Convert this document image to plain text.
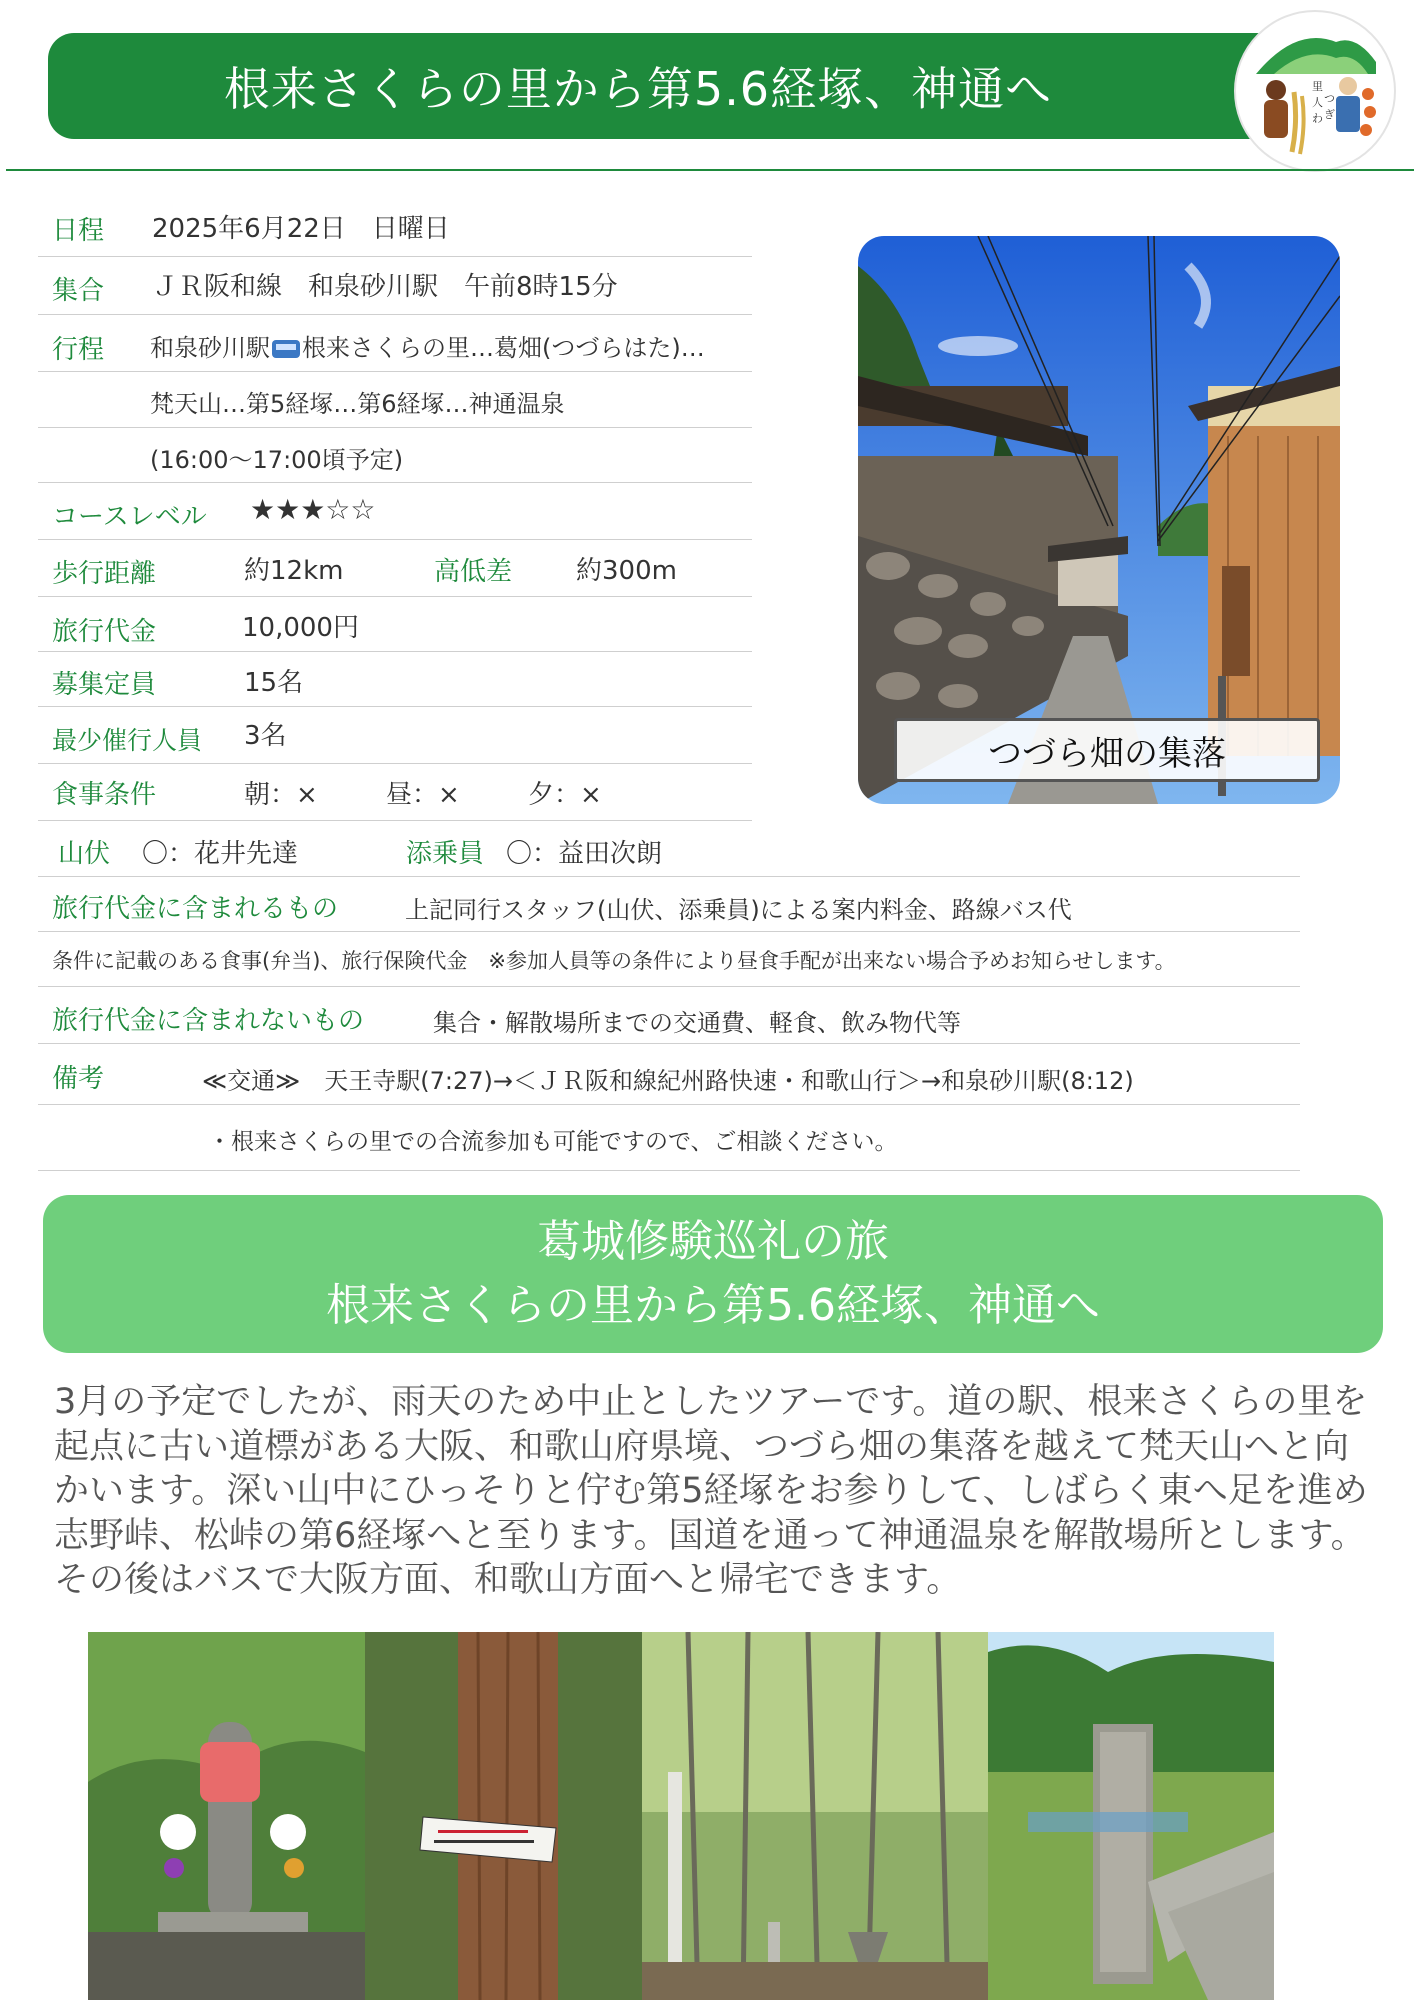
根来さくらの里から第5.6経塚、神通へ	里
人
わ
つ
ぎ
日程 2025年6月22日　日曜日
集合 ＪＲ阪和線　和泉砂川駅　午前8時15分
行程 和泉砂川駅 根来さくらの里…葛畑(つづらはた)…
梵天山…第5経塚…第6経塚…神通温泉
(16:00〜17:00頃予定)
コースレベル ★★★☆☆
歩行距離	約12km	高低差 約300m
旅行代金	10,000円
募集定員	15名
最少催行人員 3名
食事条件	朝：×	昼：×	夕：×
山伏 〇：花井先達	添乗員 〇：益田次朗
旅行代金に含まれるもの	上記同行スタッフ(山伏、添乗員)による案内料金、路線バス代
条件に記載のある食事(弁当)、旅行保険代金　※参加人員等の条件により昼食手配が出来ない場合予めお知らせします。
旅行代金に含まれないもの	集合・解散場所までの交通費、軽食、飲み物代等
備考	≪交通≫　天王寺駅(7:27)→＜ＪＲ阪和線紀州路快速・和歌山行＞→和泉砂川駅(8:12)
・根来さくらの里での合流参加も可能ですので、ご相談ください。
つづら畑の集落
葛城修験巡礼の旅
根来さくらの里から第5.6経塚、神通へ
3月の予定でしたが、雨天のため中止としたツアーです。道の駅、根来さくらの里を起点に古い道標がある大阪、和歌山府県境、つづら畑の集落を越えて梵天山へと向かいます。深い山中にひっそりと佇む第5経塚をお参りして、しばらく東へ足を進め志野峠、松峠の第6経塚へと至ります。国道を通って神通温泉を解散場所とします。その後はバスで大阪方面、和歌山方面へと帰宅できます。
